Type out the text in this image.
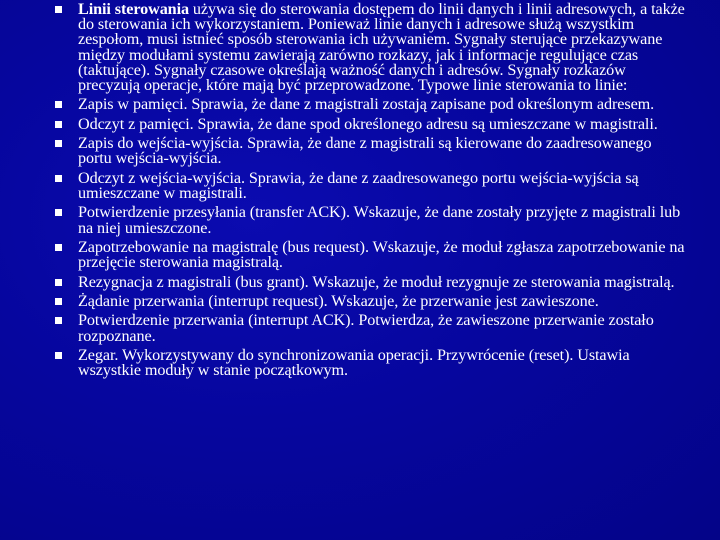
Linii sterowania używa się do sterowania dostępem do linii danych i linii adresowych, a także do sterowania ich wykorzystaniem. Ponieważ linie danych i adresowe służą wszystkim zespołom, musi istnieć sposób sterowania ich używaniem. Sygnały sterujące przekazywane między modułami systemu zawierają zarówno rozkazy, jak i informacje regulujące czas (taktujące). Sygnały czasowe określają ważność danych i adresów. Sygnały rozkazów precyzują operacje, które mają być przeprowadzone. Typowe linie sterowania to linie:
Zapis w pamięci. Sprawia, że dane z magistrali zostają zapisane pod określonym adresem.
Odczyt z pamięci. Sprawia, że dane spod określonego adresu są umieszczane w magistrali.
Zapis do wejścia-wyjścia. Sprawia, że dane z magistrali są kierowane do zaadresowanego portu wejścia-wyjścia.
Odczyt z wejścia-wyjścia. Sprawia, że dane z zaadresowanego portu wejścia-wyjścia są umieszczane w magistrali.
Potwierdzenie przesyłania (transfer ACK). Wskazuje, że dane zostały przyjęte z magistrali lub na niej umieszczone.
Zapotrzebowanie na magistralę (bus request). Wskazuje, że moduł zgłasza zapotrzebowanie na przejęcie sterowania magistralą.
Rezygnacja z magistrali (bus grant). Wskazuje, że moduł rezygnuje ze sterowania magistralą.
Żądanie przerwania (interrupt request). Wskazuje, że przerwanie jest zawieszone.
Potwierdzenie przerwania (interrupt ACK). Potwierdza, że zawieszone przerwanie zostało rozpoznane.
Zegar. Wykorzystywany do synchronizowania operacji. Przywrócenie (reset). Ustawia wszystkie moduły w stanie początkowym.
